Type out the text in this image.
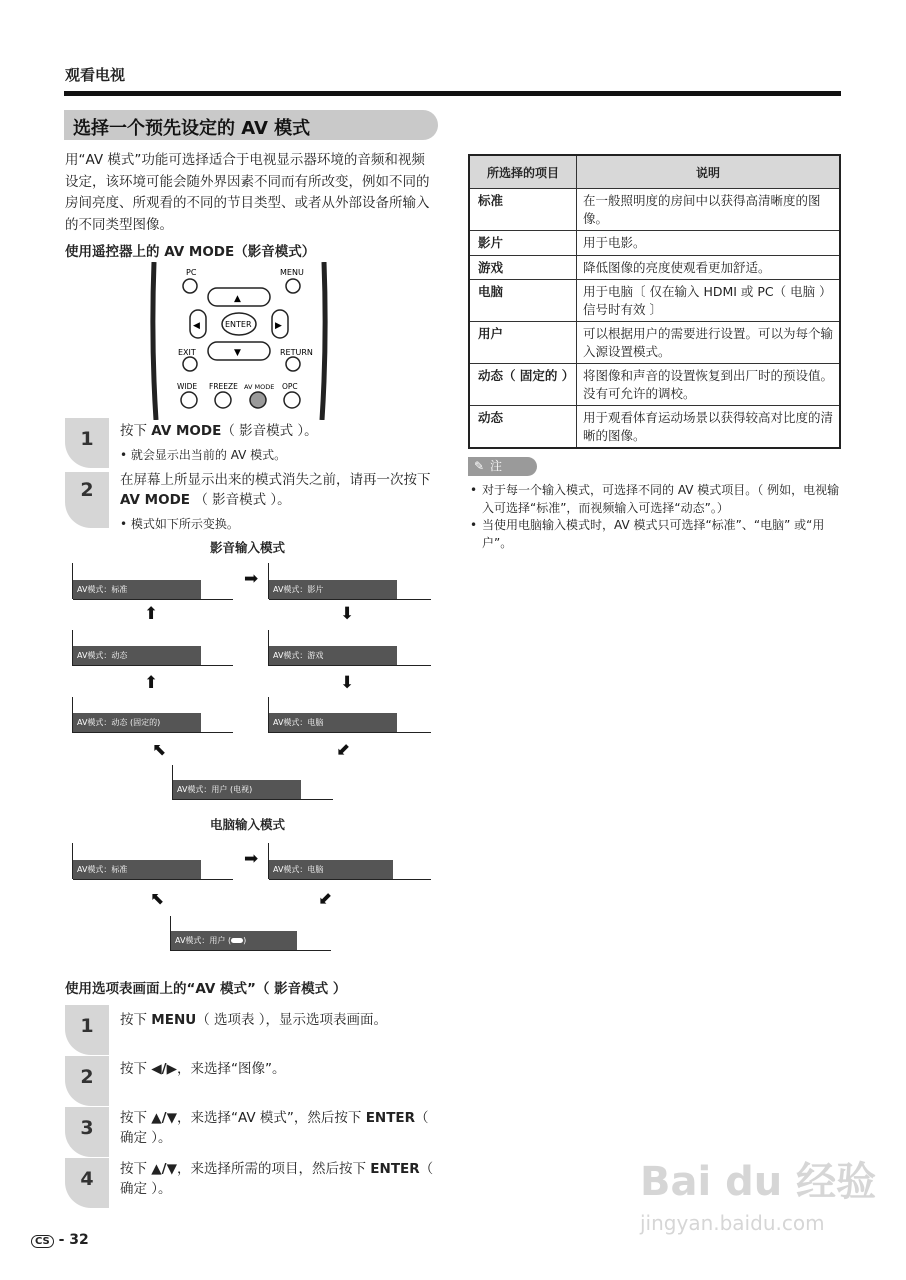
观看电视
选择一个预先设定的 AV 模式
用“AV 模式”功能可选择适合于电视显示器环境的音频和视频设定，该环境可能会随外界因素不同而有所改变，例如不同的房间亮度、所观看的不同的节目类型、或者从外部设备所输入的不同类型图像。
使用遥控器上的 AV MODE（影音模式）
PC	MENU
▲
▼
◀	▶
ENTER
EXIT	RETURN
WIDE FREEZE AV MODE OPC
1	按下 AV MODE（ 影音模式 ）。
• 就会显示出当前的 AV 模式。
2	在屏幕上所显示出来的模式消失之前，请再一次按下 AV MODE （ 影音模式 ）。
• 模式如下所示变换。
影音输入模式
AV模式：标准
➡
AV模式：影片
⬆	⬇
AV模式：动态	AV模式：游戏
⬆	⬇
AV模式：动态 (固定的)	AV模式：电脑
⬉	⬋
AV模式：用户 (电视)
电脑输入模式
AV模式：标准
➡
AV模式：电脑
⬉	⬋
AV模式：用户 ( )
使用选项表画面上的“AV 模式”（ 影音模式 ）
1	按下 MENU（ 选项表 ），显示选项表画面。
2	按下 ◀/▶，来选择“图像”。
3	按下 ▲/▼，来选择“AV 模式”，然后按下 ENTER（ 确定 ）。
4	按下 ▲/▼，来选择所需的项目，然后按下 ENTER（ 确定 ）。
所选择的项目	说明
标准	在一般照明度的房间中以获得高清晰度的图像。
影片	用于电影。
游戏	降低图像的亮度使观看更加舒适。
电脑	用于电脑〔 仅在输入 HDMI 或 PC（ 电脑 ）信号时有效 〕
用户	可以根据用户的需要进行设置。可以为每个输入源设置模式。
动态（ 固定的 ）	将图像和声音的设置恢复到出厂时的预设值。没有可允许的调校。
动态	用于观看体育运动场景以获得较高对比度的清晰的图像。
✎ 注
• 对于每一个输入模式，可选择不同的 AV 模式项目。（ 例如，电视输入可选择“标准”，而视频输入可选择“动态”。）
• 当使用电脑输入模式时，AV 模式只可选择“标准”、“电脑” 或“用户”。
CS - 32
Bai du 经验
jingyan.baidu.com
